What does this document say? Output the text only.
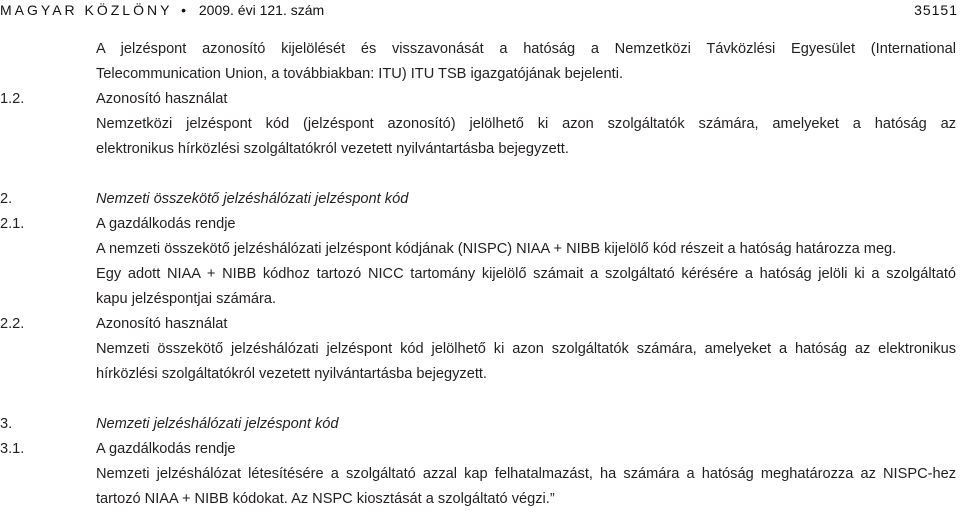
MAGYAR KÖZLÖNY • 2009. évi 121. szám	35151
A jelzéspont azonosító kijelölését és visszavonását a hatóság a Nemzetközi Távközlési Egyesület (International
Telecommunication Union, a továbbiakban: ITU) ITU TSB igazgatójának bejelenti.
1.2.	Azonosító használat
Nemzetközi jelzéspont kód (jelzéspont azonosító) jelölhető ki azon szolgáltatók számára, amelyeket a hatóság az
elektronikus hírközlési szolgáltatókról vezetett nyilvántartásba bejegyzett.
2.	Nemzeti összekötő jelzéshálózati jelzéspont kód
2.1.	A gazdálkodás rendje
A nemzeti összekötő jelzéshálózati jelzéspont kódjának (NISPC) NIAA + NIBB kijelölő kód részeit a hatóság határozza meg.
Egy adott NIAA + NIBB kódhoz tartozó NICC tartomány kijelölő számait a szolgáltató kérésére a hatóság jelöli ki a szolgáltató
kapu jelzéspontjai számára.
2.2.	Azonosító használat
Nemzeti összekötő jelzéshálózati jelzéspont kód jelölhető ki azon szolgáltatók számára, amelyeket a hatóság az elektronikus
hírközlési szolgáltatókról vezetett nyilvántartásba bejegyzett.
3.	Nemzeti jelzéshálózati jelzéspont kód
3.1.	A gazdálkodás rendje
Nemzeti jelzéshálózat létesítésére a szolgáltató azzal kap felhatalmazást, ha számára a hatóság meghatározza az NISPC-hez
tartozó NIAA + NIBB kódokat. Az NSPC kiosztását a szolgáltató végzi.”
